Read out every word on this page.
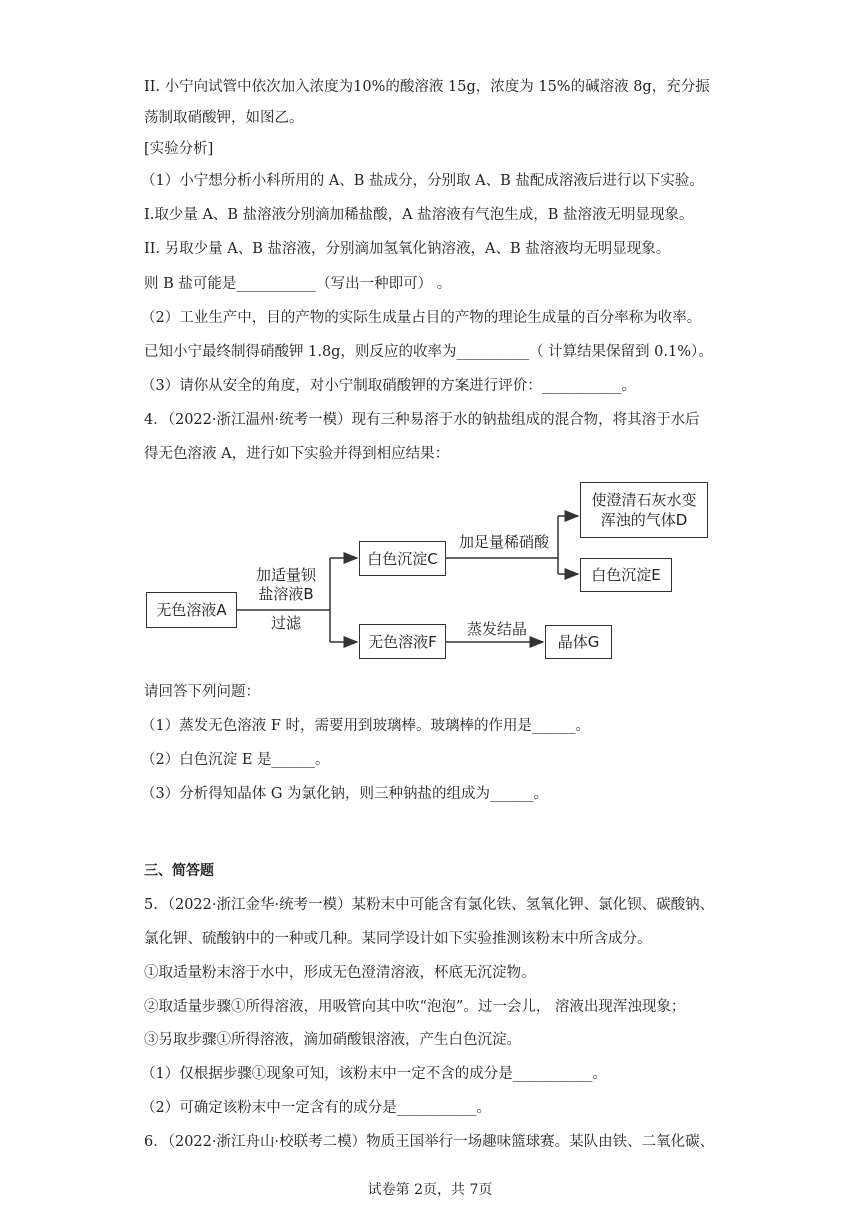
II. 小宁向试管中依次加入浓度为10%的酸溶液 15g，浓度为 15%的碱溶液 8g，充分振
荡制取硝酸钾，如图乙。
[实验分析]
（1）小宁想分析小科所用的 A、B 盐成分，分别取 A、B 盐配成溶液后进行以下实验。
I.取少量 A、B 盐溶液分别滴加稀盐酸，A 盐溶液有气泡生成，B 盐溶液无明显现象。
II. 另取少量 A、B 盐溶液，分别滴加氢氧化钠溶液，A、B 盐溶液均无明显现象。
则 B 盐可能是___________（写出一种即可） 。
（2）工业生产中，目的产物的实际生成量占目的产物的理论生成量的百分率称为收率。
已知小宁最终制得硝酸钾 1.8g，则反应的收率为__________（ 计算结果保留到 0.1%）。
（3）请你从安全的角度，对小宁制取硝酸钾的方案进行评价：___________。
4．（2022·浙江温州·统考一模）现有三种易溶于水的钠盐组成的混合物，将其溶于水后
得无色溶液 A，进行如下实验并得到相应结果：
无色溶液A
加适量钡
盐溶液B
过滤
白色沉淀C
无色溶液F
加足量稀硝酸
蒸发结晶
使澄清石灰水变
浑浊的气体D
白色沉淀E
晶体G
请回答下列问题：
（1）蒸发无色溶液 F 时，需要用到玻璃棒。玻璃棒的作用是______。
（2）白色沉淀 E 是______。
（3）分析得知晶体 G 为氯化钠，则三种钠盐的组成为______。
三、简答题
5．（2022·浙江金华·统考一模）某粉末中可能含有氯化铁、氢氧化钾、氯化钡、碳酸钠、
氯化钾、硫酸钠中的一种或几种。某同学设计如下实验推测该粉末中所含成分。
①取适量粉末溶于水中，形成无色澄清溶液，杯底无沉淀物。
②取适量步骤①所得溶液，用吸管向其中吹“泡泡”。过一会儿， 溶液出现浑浊现象；
③另取步骤①所得溶液，滴加硝酸银溶液，产生白色沉淀。
（1）仅根据步骤①现象可知，该粉末中一定不含的成分是___________。
（2）可确定该粉末中一定含有的成分是___________。
6．（2022·浙江舟山·校联考二模）物质王国举行一场趣味篮球赛。某队由铁、二氧化碳、
试卷第 2页，共 7页
